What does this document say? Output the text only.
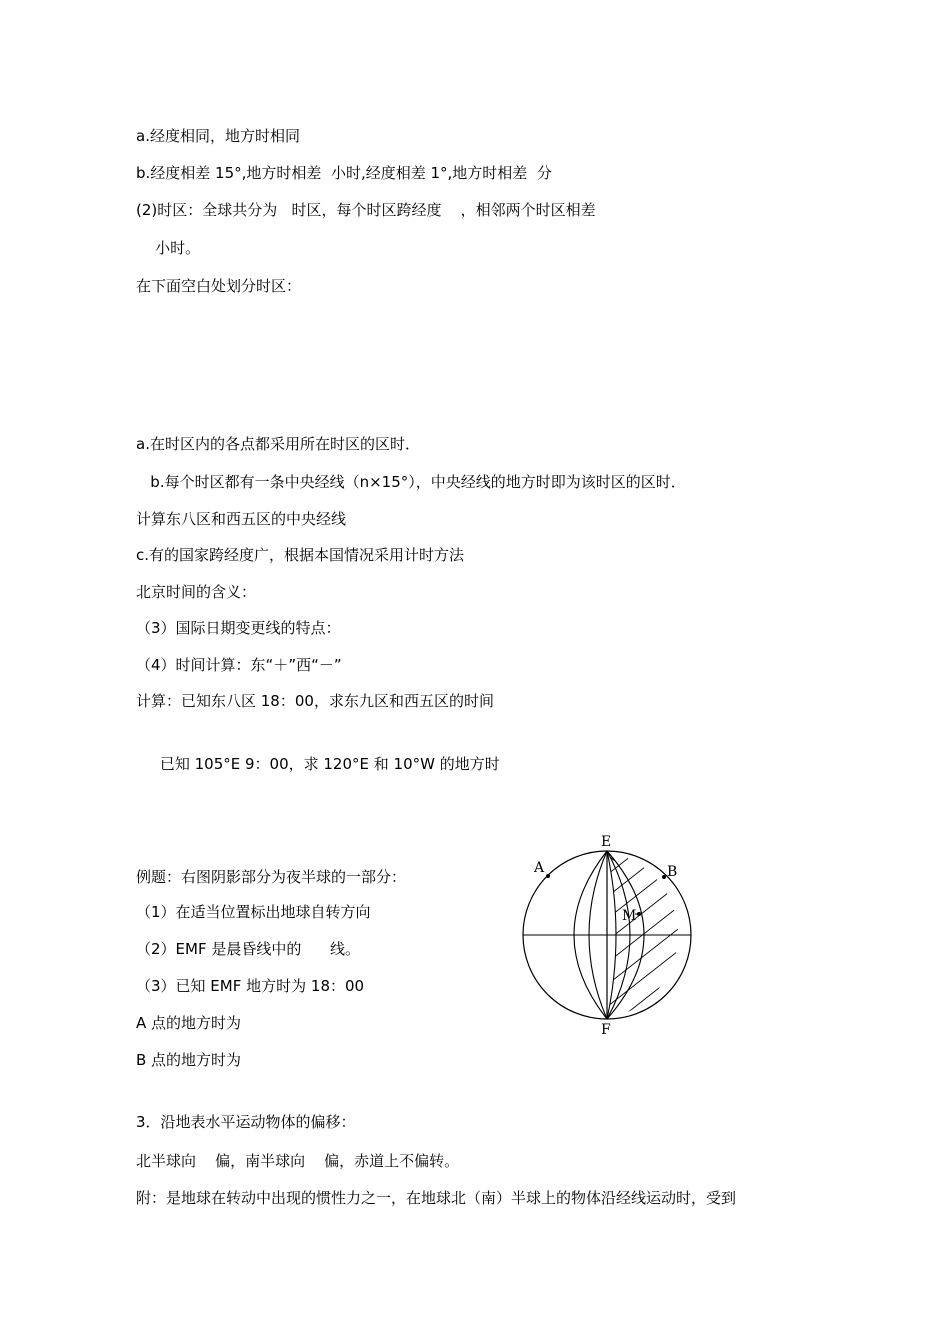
a.经度相同，地方时相同
b.经度相差 15°,地方时相差  小时,经度相差 1°,地方时相差  分
(2)时区：全球共分为   时区，每个时区跨经度    ，相邻两个时区相差
小时。
在下面空白处划分时区：
a.在时区内的各点都采用所在时区的区时．
b.每个时区都有一条中央经线（n×15°），中央经线的地方时即为该时区的区时．
计算东八区和西五区的中央经线
c.有的国家跨经度广，根据本国情况采用计时方法
北京时间的含义：
（3）国际日期变更线的特点：
（4）时间计算：东“＋”西“－”
计算：已知东八区 18：00，求东九区和西五区的时间
已知 105°E 9：00，求 120°E 和 10°W 的地方时
例题：右图阴影部分为夜半球的一部分：
（1）在适当位置标出地球自转方向
（2）EMF 是晨昏线中的      线。
（3）已知 EMF 地方时为 18：00
A 点的地方时为
B 点的地方时为
3．沿地表水平运动物体的偏移：
北半球向    偏，南半球向    偏，赤道上不偏转。
附：是地球在转动中出现的惯性力之一，在地球北（南）半球上的物体沿经线运动时，受到
E
F
A	B
M
